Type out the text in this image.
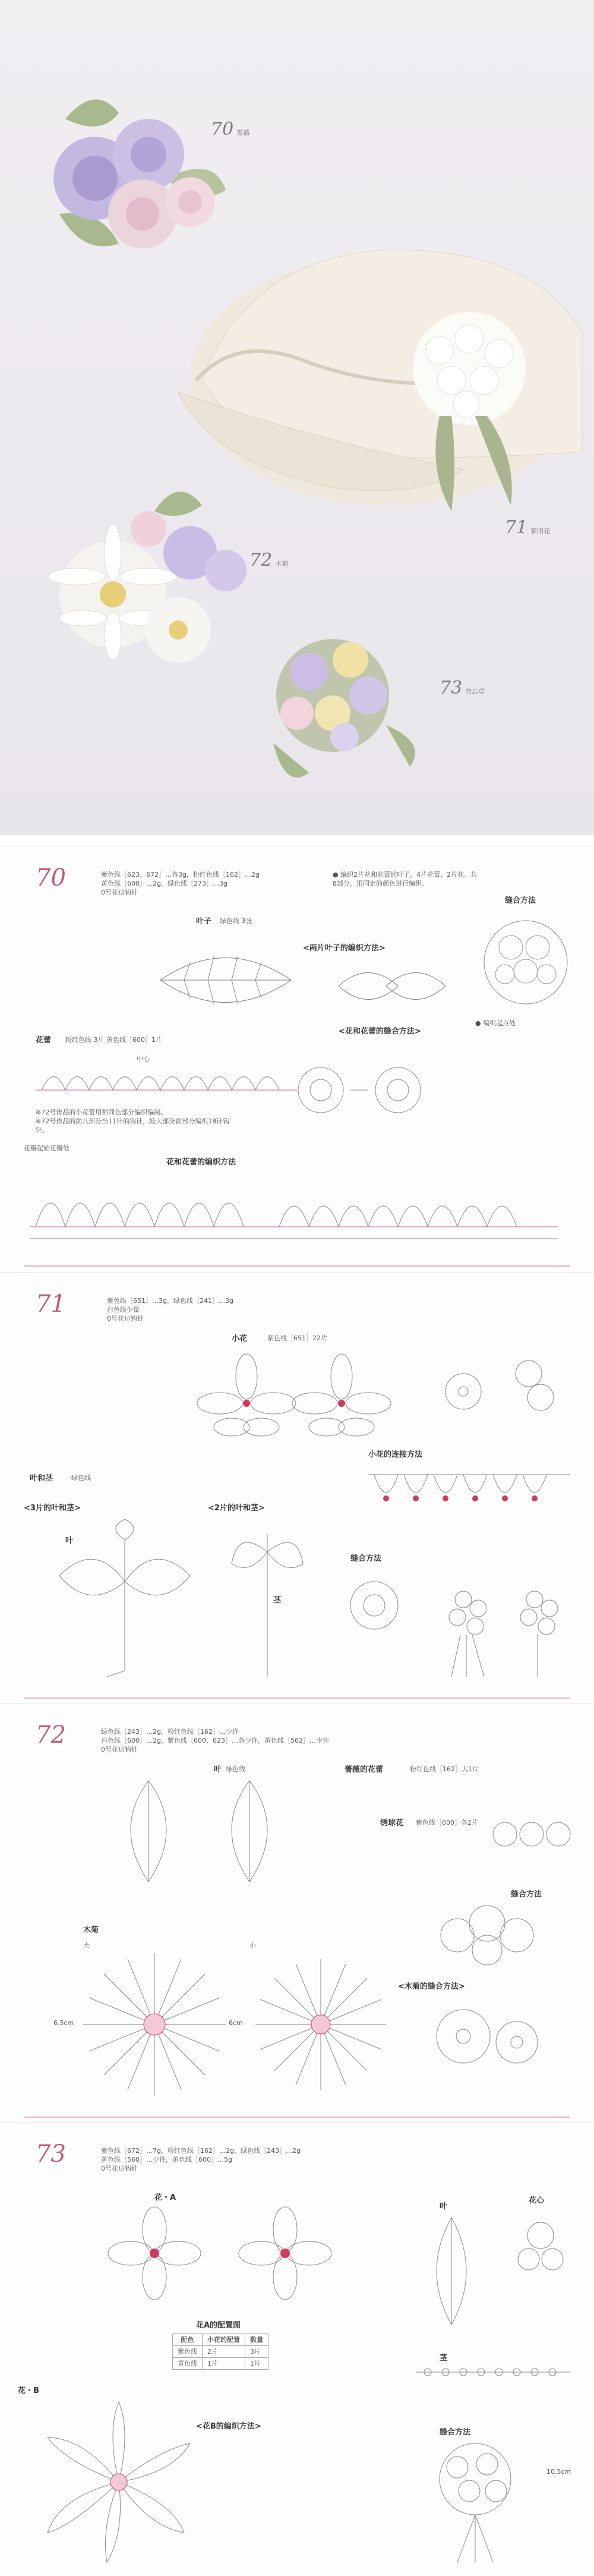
70 蔷薇
71 紫阳花
72 木菊
73 勿忘草
70	紫色线［623、672］…各3g，粉红色线［162］…2g
黄色线［600］…2g，绿色线［273］…3g
0号花边钩针
● 编织2片花和花蕾的叶子，4片花蕾，2片花。共8部分，用同定的颜色进行编织。
缝合方法
叶子 绿色线 3张
<两片叶子的编织方法>
● 编织起点处
花蕾 粉红色线 3片 黄色线［600］1片
<花和花蕾的缝合方法>
中心
※72号作品的小花蕾用相同色部分编织编制。
※72号作品的前八部分当11针的钩针，较大部分前部分编织18针钩针。
花和花蕾的编织方法
花瓣起始花瓣处
71	紫色线［651］…3g，绿色线［241］…3g
白色线少量
0号花边钩针
小花	紫色线［651］22片
小花的连接方法
叶和茎	绿色线
<3片的叶和茎>	<2片的叶和茎>
叶
茎
缝合方法
72	绿色线［243］…2g，粉红色线［162］…少许
白色线［600］…2g，紫色线［600、623］…各少许，黄色线［562］…少许
0号花边钩针
叶 绿色线	蔷薇的花蕾	粉红色线［162］大1片
绣球花 紫色线［600］各2片
缝合方法
<木菊的缝合方法>
木菊
大	小
6.5cm	6cm
73	紫色线［672］…7g，粉红色线［162］…2g，绿色线［243］…2g
黄色线［560］…少许，黄色线［600］…5g
0号花边钩针
花・A
花A的配置图
配色	小花的配置	数量
紫色线	2片	3片
黄色线	1片	1片
叶
花心
茎
花・B
<花B的编织方法>
缝合方法
10.5cm
